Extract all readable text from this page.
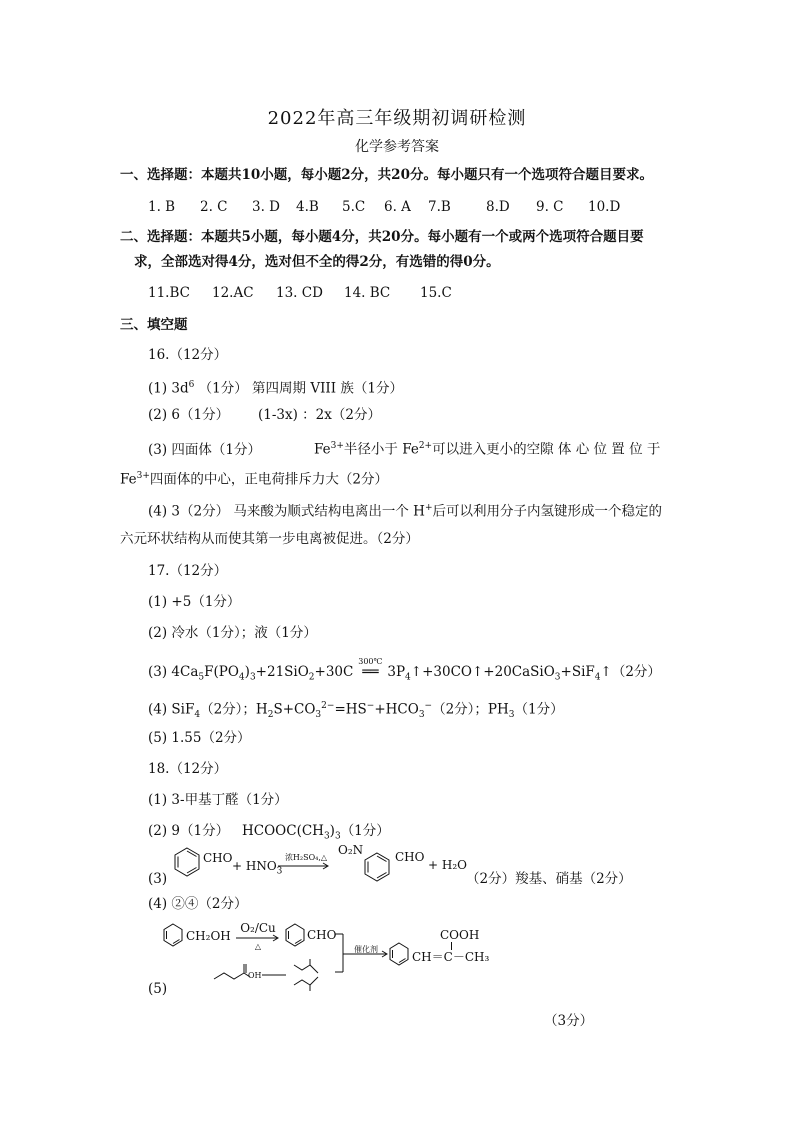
2022年高三年级期初调研检测
化学参考答案
一、选择题：本题共10小题，每小题2分，共20分。每小题只有一个选项符合题目要求。
1. B 2. C 3. D 4.B 5.C 6. A 7.B	8.D 9. C 10.D
二、选择题：本题共5小题，每小题4分，共20分。每小题有一个或两个选项符合题目要
求，全部选对得4分，选对但不全的得2分，有选错的得0分。
11.BC 12.AC 13. CD 14. BC 15.C
三、填空题
16.（12分）
(1) $3d^6$ （1分） 第四周期 VIII 族（1分）
(2) 6（1分） (1-3x) ：2x（2分）
(3) 四面体（1分）	$Fe^{3+}$半径小于 $Fe^{2+}$可以进入更小的空隙 体 心 位 置 位 于
$Fe^{3+}$四面体的中心，正电荷排斥力大（2分）
(4) 3（2分） 马来酸为顺式结构电离出一个 H+后可以利用分子内氢键形成一个稳定的
六元环状结构从而使其第一步电离被促进。（2分）
17.（12分）
(1) +5（1分）
(2) 冷水（1分）；液（1分）
(3) $4Ca_5F(PO_4)_3+21SiO_2+30C$
300℃
══ $3P_4↑+30CO↑+20CaSiO_3+SiF_4↑(2$分）
(4) SiF$_4$（2分）；$H_2S+CO_3^{2-}=HS^-+HCO_3^-(2$分）；$PH_3(1$分）
(5) 1.55（2分）
18.（12分）
(1) 3-甲基丁醛（1分）
(2) 9（1分） $HCOOC(CH_3)_3(1$分）
(3)
CHO
+ $HNO_3$
浓H₂SO₄,△
O₂N	CHO
+ H₂O
（2分）羧基、硝基（2分）
(4) ②④（2分）
CH₂OH
O₂/Cu
△
CHO
OH
催化剂
COOH
CH＝C－CH₃
(5)
（3分）
